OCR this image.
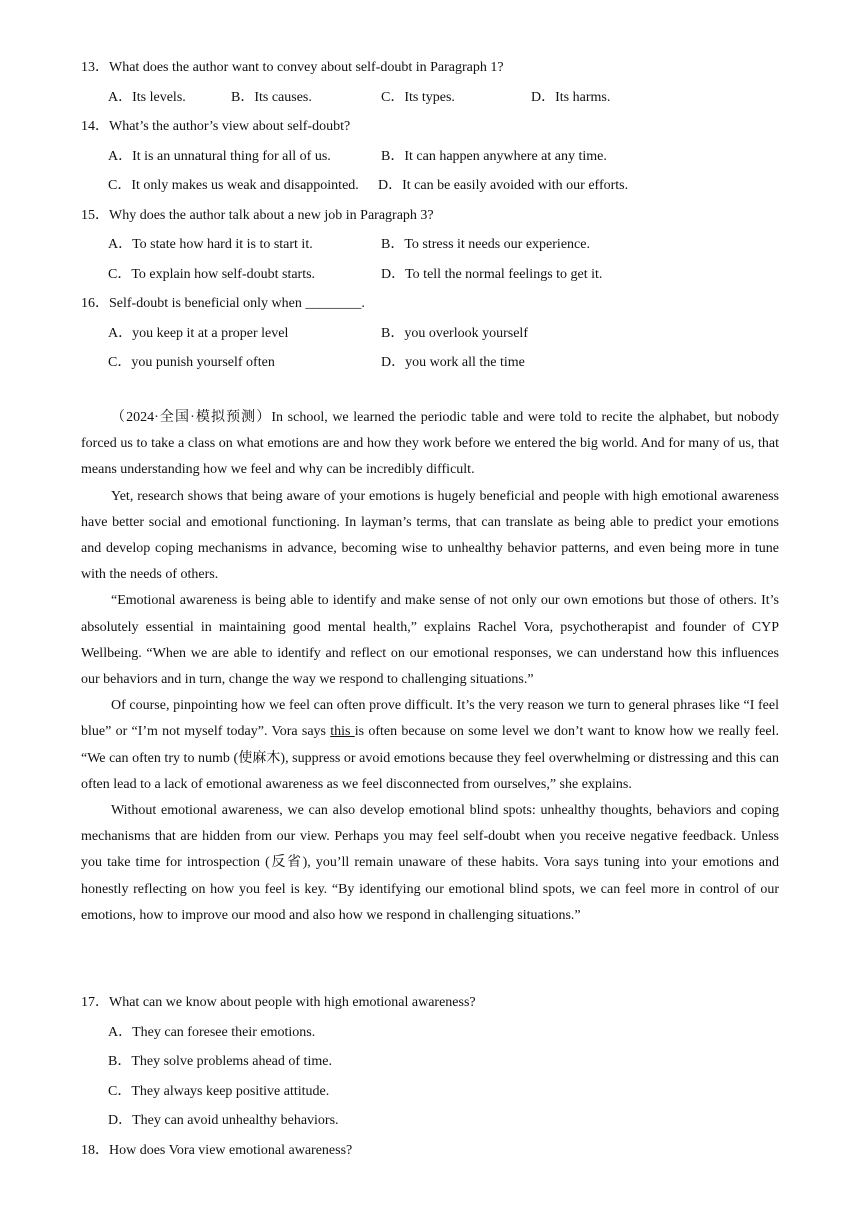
13．What does the author want to convey about self-doubt in Paragraph 1?
A．Its levels.	B．Its causes.	C．Its types.	D．Its harms.
14．What’s the author’s view about self-doubt?
A．It is an unnatural thing for all of us.	B．It can happen anywhere at any time.
C．It only makes us weak and disappointed. D．It can be easily avoided with our efforts.
15．Why does the author talk about a new job in Paragraph 3?
A．To state how hard it is to start it.	B．To stress it needs our experience.
C．To explain how self-doubt starts.	D．To tell the normal feelings to get it.
16．Self-doubt is beneficial only when ________.
A．you keep it at a proper level	B．you overlook yourself
C．you punish yourself often	D．you work all the time

（2024·全国·模拟预测）In school, we learned the periodic table and were told to recite the alphabet, but nobody forced us to take a class on what emotions are and how they work before we entered the big world. And for many of us, that means understanding how we feel and why can be incredibly difficult.

Yet, research shows that being aware of your emotions is hugely beneficial and people with high emotional awareness have better social and emotional functioning. In layman’s terms, that can translate as being able to predict your emotions and develop coping mechanisms in advance, becoming wise to unhealthy behavior patterns, and even being more in tune with the needs of others.

“Emotional awareness is being able to identify and make sense of not only our own emotions but those of others. It’s absolutely essential in maintaining good mental health,” explains Rachel Vora, psychotherapist and founder of CYP Wellbeing. “When we are able to identify and reflect on our emotional responses, we can understand how this influences our behaviors and in turn, change the way we respond to challenging situations.”

Of course, pinpointing how we feel can often prove difficult. It’s the very reason we turn to general phrases like “I feel blue” or “I’m not myself today”. Vora says this is often because on some level we don’t want to know how we really feel. “We can often try to numb (使麻木), suppress or avoid emotions because they feel overwhelming or distressing and this can often lead to a lack of emotional awareness as we feel disconnected from ourselves,” she explains.

Without emotional awareness, we can also develop emotional blind spots: unhealthy thoughts, behaviors and coping mechanisms that are hidden from our view. Perhaps you may feel self-doubt when you receive negative feedback. Unless you take time for introspection (反省), you’ll remain unaware of these habits. Vora says tuning into your emotions and honestly reflecting on how you feel is key. “By identifying our emotional blind spots, we can feel more in control of our emotions, how to improve our mood and also how we respond in challenging situations.”

17．What can we know about people with high emotional awareness?
A．They can foresee their emotions.
B．They solve problems ahead of time.
C．They always keep positive attitude.
D．They can avoid unhealthy behaviors.
18．How does Vora view emotional awareness?
